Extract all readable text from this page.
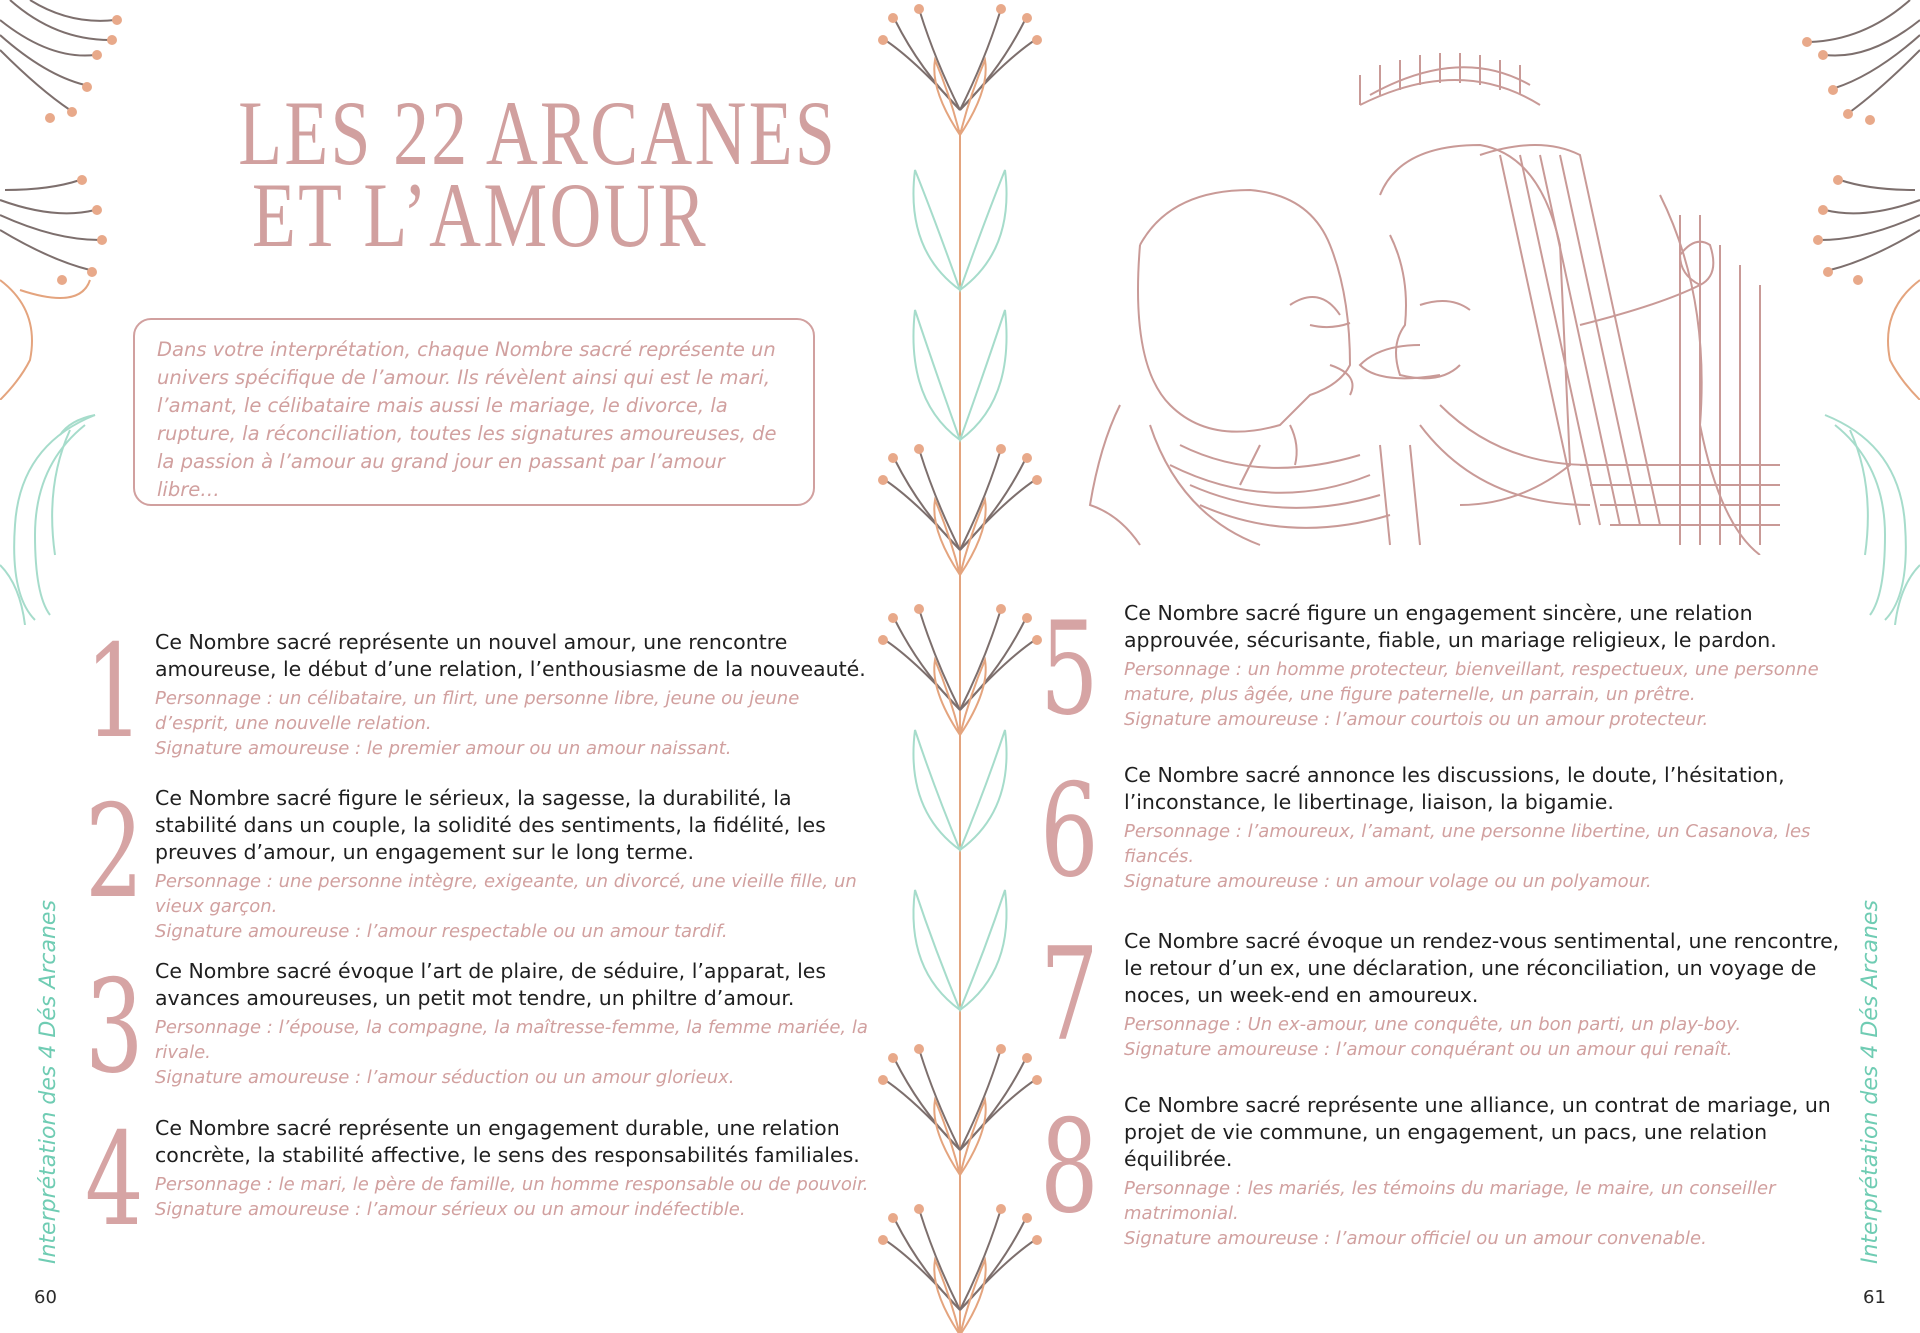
LES 22 ARCANES
ET L’AMOUR
Dans votre interprétation, chaque Nombre sacré représente un univers spécifique de l’amour. Ils révèlent ainsi qui est le mari, l’amant, le célibataire mais aussi le mariage, le divorce, la rupture, la réconciliation, toutes les signatures amoureuses, de la passion à l’amour au grand jour en passant par l’amour libre…
1 Ce Nombre sacré représente un nouvel amour, une rencontre amoureuse, le début d’une relation, l’enthousiasme de la nouveauté.
Personnage : un célibataire, un flirt, une personne libre, jeune ou jeune d’esprit, une nouvelle relation.
Signature amoureuse : le premier amour ou un amour naissant.
2 Ce Nombre sacré figure le sérieux, la sagesse, la durabilité, la stabilité dans un couple, la solidité des sentiments, la fidélité, les preuves d’amour, un engagement sur le long terme.
Personnage : une personne intègre, exigeante, un divorcé, une vieille fille, un vieux garçon.
Signature amoureuse : l’amour respectable ou un amour tardif.
3 Ce Nombre sacré évoque l’art de plaire, de séduire, l’apparat, les avances amoureuses, un petit mot tendre, un philtre d’amour.
Personnage : l’épouse, la compagne, la maîtresse-femme, la femme mariée, la rivale.
Signature amoureuse : l’amour séduction ou un amour glorieux.
4 Ce Nombre sacré représente un engagement durable, une relation concrète, la stabilité affective, le sens des responsabilités familiales.
Personnage : le mari, le père de famille, un homme responsable ou de pouvoir.
Signature amoureuse : l’amour sérieux ou un amour indéfectible.
5 Ce Nombre sacré figure un engagement sincère, une relation approuvée, sécurisante, fiable, un mariage religieux, le pardon.
Personnage : un homme protecteur, bienveillant, respectueux, une personne mature, plus âgée, une figure paternelle, un parrain, un prêtre.
Signature amoureuse : l’amour courtois ou un amour protecteur.
6 Ce Nombre sacré annonce les discussions, le doute, l’hésitation, l’inconstance, le libertinage, liaison, la bigamie.
Personnage : l’amoureux, l’amant, une personne libertine, un Casanova, les fiancés.
Signature amoureuse : un amour volage ou un polyamour.
7 Ce Nombre sacré évoque un rendez-vous sentimental, une rencontre, le retour d’un ex, une déclaration, une réconciliation, un voyage de noces, un week-end en amoureux.
Personnage : Un ex-amour, une conquête, un bon parti, un play-boy.
Signature amoureuse : l’amour conquérant ou un amour qui renaît.
8 Ce Nombre sacré représente une alliance, un contrat de mariage, un projet de vie commune, un engagement, un pacs, une relation équilibrée.
Personnage : les mariés, les témoins du mariage, le maire, un conseiller matrimonial.
Signature amoureuse : l’amour officiel ou un amour convenable.
Interprétation des 4 Dés Arcanes	Interprétation des 4 Dés Arcanes
60	61
